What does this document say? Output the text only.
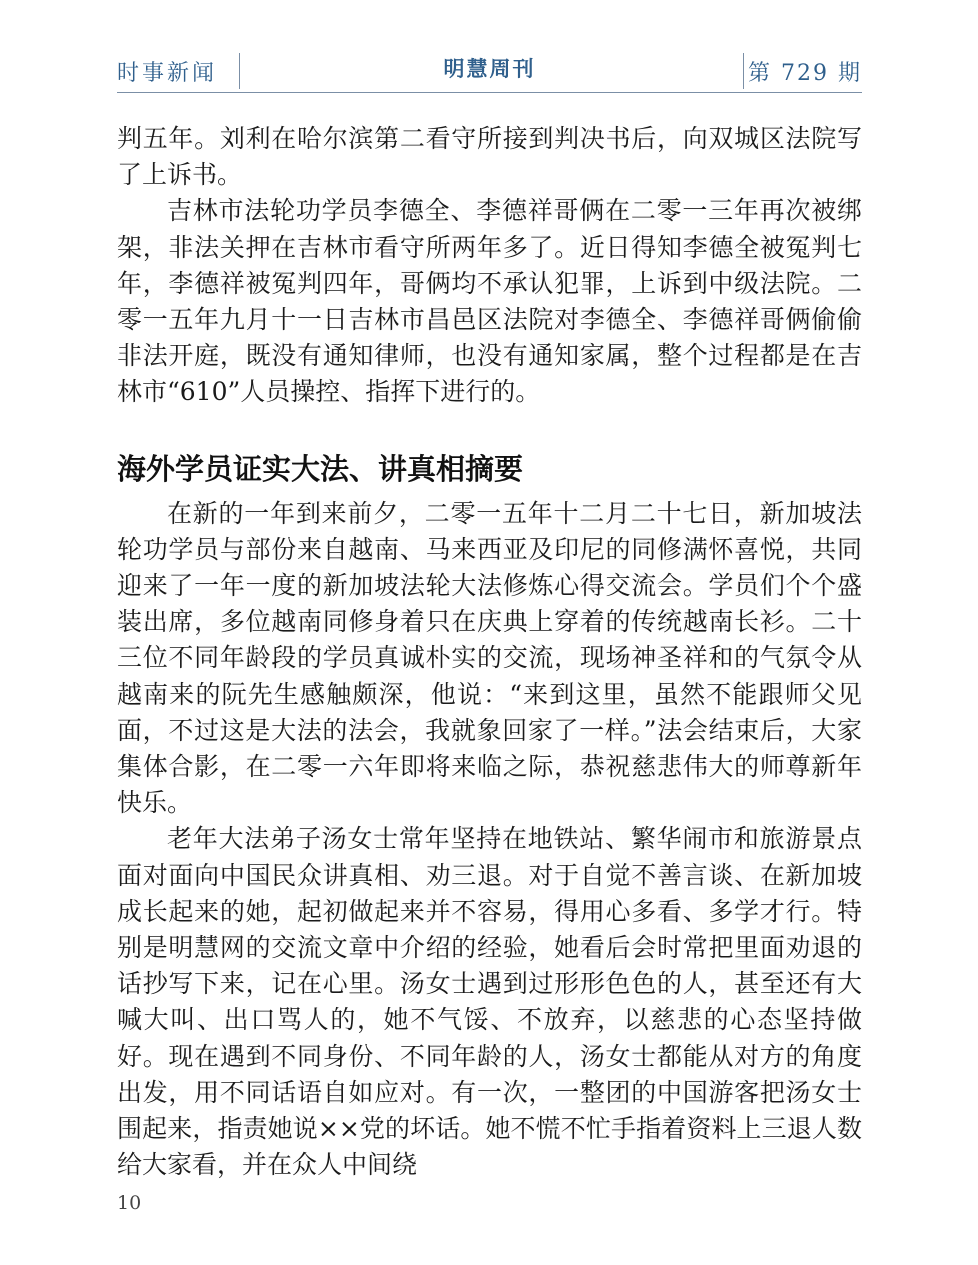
时事新闻	明慧周刊	第 729 期

判五年。刘利在哈尔滨第二看守所接到判决书后，向双城区法院写了上诉书。

吉林市法轮功学员李德全、李德祥哥俩在二零一三年再次被绑架，非法关押在吉林市看守所两年多了。近日得知李德全被冤判七年，李德祥被冤判四年，哥俩均不承认犯罪，上诉到中级法院。二零一五年九月十一日吉林市昌邑区法院对李德全、李德祥哥俩偷偷非法开庭，既没有通知律师，也没有通知家属，整个过程都是在吉林市“610”人员操控、指挥下进行的。

海外学员证实大法、讲真相摘要

在新的一年到来前夕，二零一五年十二月二十七日，新加坡法轮功学员与部份来自越南、马来西亚及印尼的同修满怀喜悦，共同迎来了一年一度的新加坡法轮大法修炼心得交流会。学员们个个盛装出席，多位越南同修身着只在庆典上穿着的传统越南长衫。二十三位不同年龄段的学员真诚朴实的交流，现场神圣祥和的气氛令从越南来的阮先生感触颇深，他说：“来到这里，虽然不能跟师父见面，不过这是大法的法会，我就象回家了一样。”法会结束后，大家集体合影，在二零一六年即将来临之际，恭祝慈悲伟大的师尊新年快乐。

老年大法弟子汤女士常年坚持在地铁站、繁华闹市和旅游景点面对面向中国民众讲真相、劝三退。对于自觉不善言谈、在新加坡成长起来的她，起初做起来并不容易，得用心多看、多学才行。特别是明慧网的交流文章中介绍的经验，她看后会时常把里面劝退的话抄写下来，记在心里。汤女士遇到过形形色色的人，甚至还有大喊大叫、出口骂人的，她不气馁、不放弃，以慈悲的心态坚持做好。现在遇到不同身份、不同年龄的人，汤女士都能从对方的角度出发，用不同话语自如应对。有一次，一整团的中国游客把汤女士围起来，指责她说××党的坏话。她不慌不忙手指着资料上三退人数给大家看，并在众人中间绕

10
